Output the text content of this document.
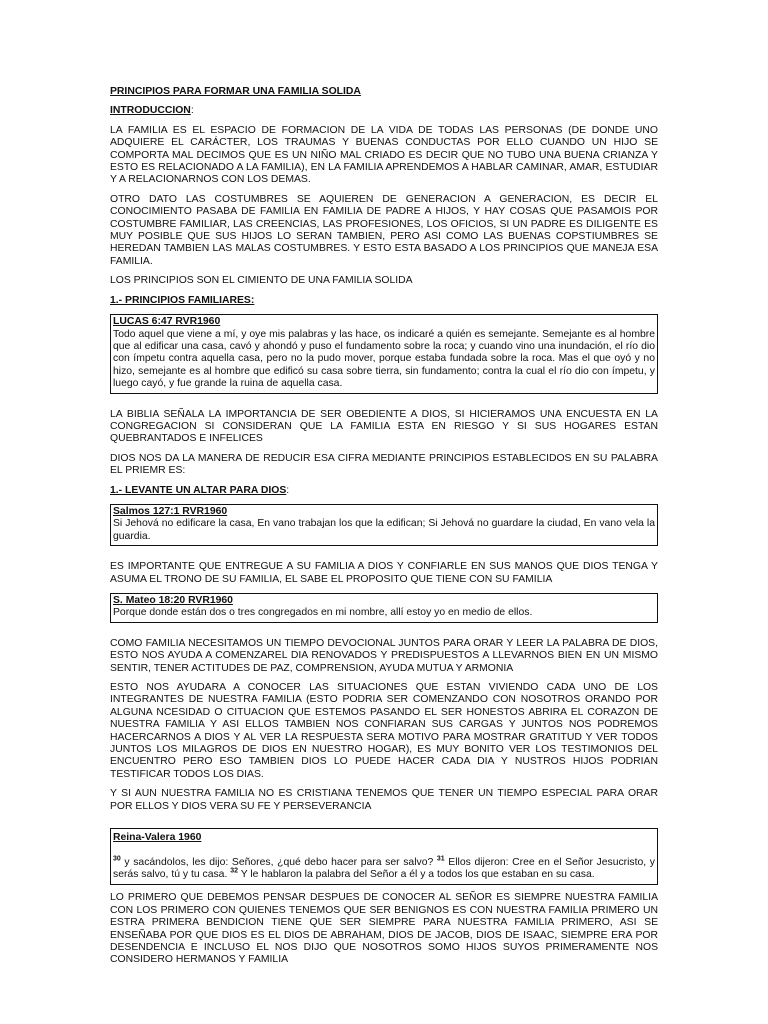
PRINCIPIOS PARA FORMAR UNA FAMILIA SOLIDA

INTRODUCCION:

LA FAMILIA ES EL ESPACIO DE FORMACION DE LA VIDA DE TODAS LAS PERSONAS (DE DONDE UNO ADQUIERE EL CARÁCTER, LOS TRAUMAS Y BUENAS CONDUCTAS POR ELLO CUANDO UN HIJO SE COMPORTA MAL DECIMOS QUE ES UN NIÑO MAL CRIADO ES DECIR QUE NO TUBO UNA BUENA CRIANZA Y ESTO ES RELACIONADO A LA FAMILIA), EN LA FAMILIA APRENDEMOS A HABLAR CAMINAR, AMAR, ESTUDIAR Y A RELACIONARNOS CON LOS DEMAS.

OTRO DATO LAS COSTUMBRES SE AQUIEREN DE GENERACION A GENERACION, ES DECIR EL CONOCIMIENTO PASABA DE FAMILIA EN FAMILIA DE PADRE A HIJOS, Y HAY COSAS QUE PASAMOIS POR COSTUMBRE FAMILIAR, LAS CREENCIAS, LAS PROFESIONES, LOS OFICIOS, SI UN PADRE ES DILIGENTE ES MUY POSIBLE QUE SUS HIJOS LO SERAN TAMBIEN, PERO ASI COMO LAS BUENAS COPSTIUMBRES SE HEREDAN TAMBIEN LAS MALAS COSTUMBRES. Y ESTO ESTA BASADO A LOS PRINCIPIOS QUE MANEJA ESA FAMILIA.

LOS PRINCIPIOS SON EL CIMIENTO DE UNA FAMILIA SOLIDA

1.- PRINCIPIOS FAMILIARES:

LUCAS 6:47 RVR1960
Todo aquel que viene a mí, y oye mis palabras y las hace, os indicaré a quién es semejante. Semejante es al hombre que al edificar una casa, cavó y ahondó y puso el fundamento sobre la roca; y cuando vino una inundación, el río dio con ímpetu contra aquella casa, pero no la pudo mover, porque estaba fundada sobre la roca. Mas el que oyó y no hizo, semejante es al hombre que edificó su casa sobre tierra, sin fundamento; contra la cual el río dio con ímpetu, y luego cayó, y fue grande la ruina de aquella casa.

LA BIBLIA SEÑALA LA IMPORTANCIA DE SER OBEDIENTE A DIOS, SI HICIERAMOS UNA ENCUESTA EN LA CONGREGACION SI CONSIDERAN QUE LA FAMILIA ESTA EN RIESGO Y SI SUS HOGARES ESTAN QUEBRANTADOS E INFELICES

DIOS NOS DA LA MANERA DE REDUCIR ESA CIFRA MEDIANTE PRINCIPIOS ESTABLECIDOS EN SU PALABRA EL PRIEMR ES:

1.- LEVANTE UN ALTAR PARA DIOS:

Salmos 127:1 RVR1960
Si Jehová no edificare la casa, En vano trabajan los que la edifican; Si Jehová no guardare la ciudad, En vano vela la guardia.

ES IMPORTANTE QUE ENTREGUE A SU FAMILIA A DIOS Y CONFIARLE EN SUS MANOS QUE DIOS TENGA Y ASUMA EL TRONO DE SU FAMILIA, EL SABE EL PROPOSITO QUE TIENE CON SU FAMILIA

S. Mateo 18:20 RVR1960
Porque donde están dos o tres congregados en mi nombre, allí estoy yo en medio de ellos.

COMO FAMILIA NECESITAMOS UN TIEMPO DEVOCIONAL JUNTOS PARA ORAR Y LEER LA PALABRA DE DIOS, ESTO NOS AYUDA A COMENZAREL DIA RENOVADOS Y PREDISPUESTOS A LLEVARNOS BIEN EN UN MISMO SENTIR, TENER ACTITUDES DE PAZ, COMPRENSION, AYUDA MUTUA Y ARMONIA

ESTO NOS AYUDARA A CONOCER LAS SITUACIONES QUE ESTAN VIVIENDO CADA UNO DE LOS INTEGRANTES DE NUESTRA FAMILIA (ESTO PODRIA SER COMENZANDO CON NOSOTROS ORANDO POR ALGUNA NCESIDAD O CITUACION QUE ESTEMOS PASANDO EL SER HONESTOS ABRIRA EL CORAZON DE NUESTRA FAMILIA Y ASI ELLOS TAMBIEN NOS CONFIARAN SUS CARGAS Y JUNTOS NOS PODREMOS HACERCARNOS A DIOS Y AL VER LA RESPUESTA SERA MOTIVO PARA MOSTRAR GRATITUD Y VER TODOS JUNTOS LOS MILAGROS DE DIOS EN NUESTRO HOGAR), ES MUY BONITO VER LOS TESTIMONIOS DEL ENCUENTRO PERO ESO TAMBIEN DIOS LO PUEDE HACER CADA DIA Y NUSTROS HIJOS PODRIAN TESTIFICAR TODOS LOS DIAS.

Y SI AUN NUESTRA FAMILIA NO ES CRISTIANA TENEMOS QUE TENER UN TIEMPO ESPECIAL PARA ORAR POR ELLOS Y DIOS VERA SU FE Y PERSEVERANCIA

Reina-Valera 1960
$^{30}$ y sacándolos, les dijo: Señores, ¿qué debo hacer para ser salvo? $^{31}$ Ellos dijeron: Cree en el Señor Jesucristo, y serás salvo, tú y tu casa. $^{32}$ Y le hablaron la palabra del Señor a él y a todos los que estaban en su casa.

LO PRIMERO QUE DEBEMOS PENSAR DESPUES DE CONOCER AL SEÑOR ES SIEMPRE NUESTRA FAMILIA CON LOS PRIMERO CON QUIENES TENEMOS QUE SER BENIGNOS ES CON NUESTRA FAMILIA PRIMERO UN ESTRA PRIMERA BENDICION TIENE QUE SER SIEMPRE PARA NUESTRA FAMILIA PRIMERO, ASI SE ENSEÑABA POR QUE DIOS ES EL DIOS DE ABRAHAM, DIOS DE JACOB, DIOS DE ISAAC, SIEMPRE ERA POR DESENDENCIA E INCLUSO EL NOS DIJO QUE NOSOTROS SOMO HIJOS SUYOS PRIMERAMENTE NOS CONSIDERO HERMANOS Y FAMILIA
